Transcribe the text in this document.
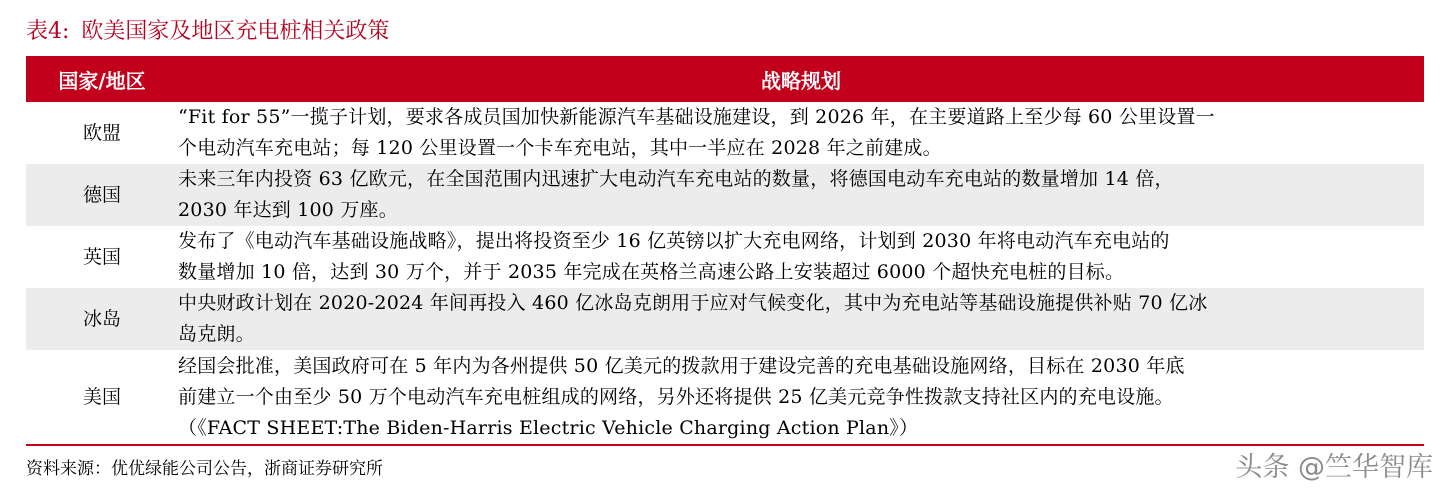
表4: 欧美国家及地区充电桩相关政策
国家/地区	战略规划
欧盟
“Fit for 55”一揽子计划，要求各成员国加快新能源汽车基础设施建设，到 2026 年，在主要道路上至少每 60 公里设置一
个电动汽车充电站；每 120 公里设置一个卡车充电站，其中一半应在 2028 年之前建成。
德国
未来三年内投资 63 亿欧元，在全国范围内迅速扩大电动汽车充电站的数量，将德国电动车充电站的数量增加 14 倍，
2030 年达到 100 万座。
英国
发布了《电动汽车基础设施战略》，提出将投资至少 16 亿英镑以扩大充电网络，计划到 2030 年将电动汽车充电站的
数量增加 10 倍，达到 30 万个，并于 2035 年完成在英格兰高速公路上安装超过 6000 个超快充电桩的目标。
冰岛
中央财政计划在 2020-2024 年间再投入 460 亿冰岛克朗用于应对气候变化，其中为充电站等基础设施提供补贴 70 亿冰
岛克朗。
美国
经国会批准，美国政府可在 5 年内为各州提供 50 亿美元的拨款用于建设完善的充电基础设施网络，目标在 2030 年底
前建立一个由至少 50 万个电动汽车充电桩组成的网络，另外还将提供 25 亿美元竞争性拨款支持社区内的充电设施。
（《FACT SHEET:The Biden-Harris Electric Vehicle Charging Action Plan》）
资料来源：优优绿能公司公告，浙商证券研究所	头条 @竺华智库
